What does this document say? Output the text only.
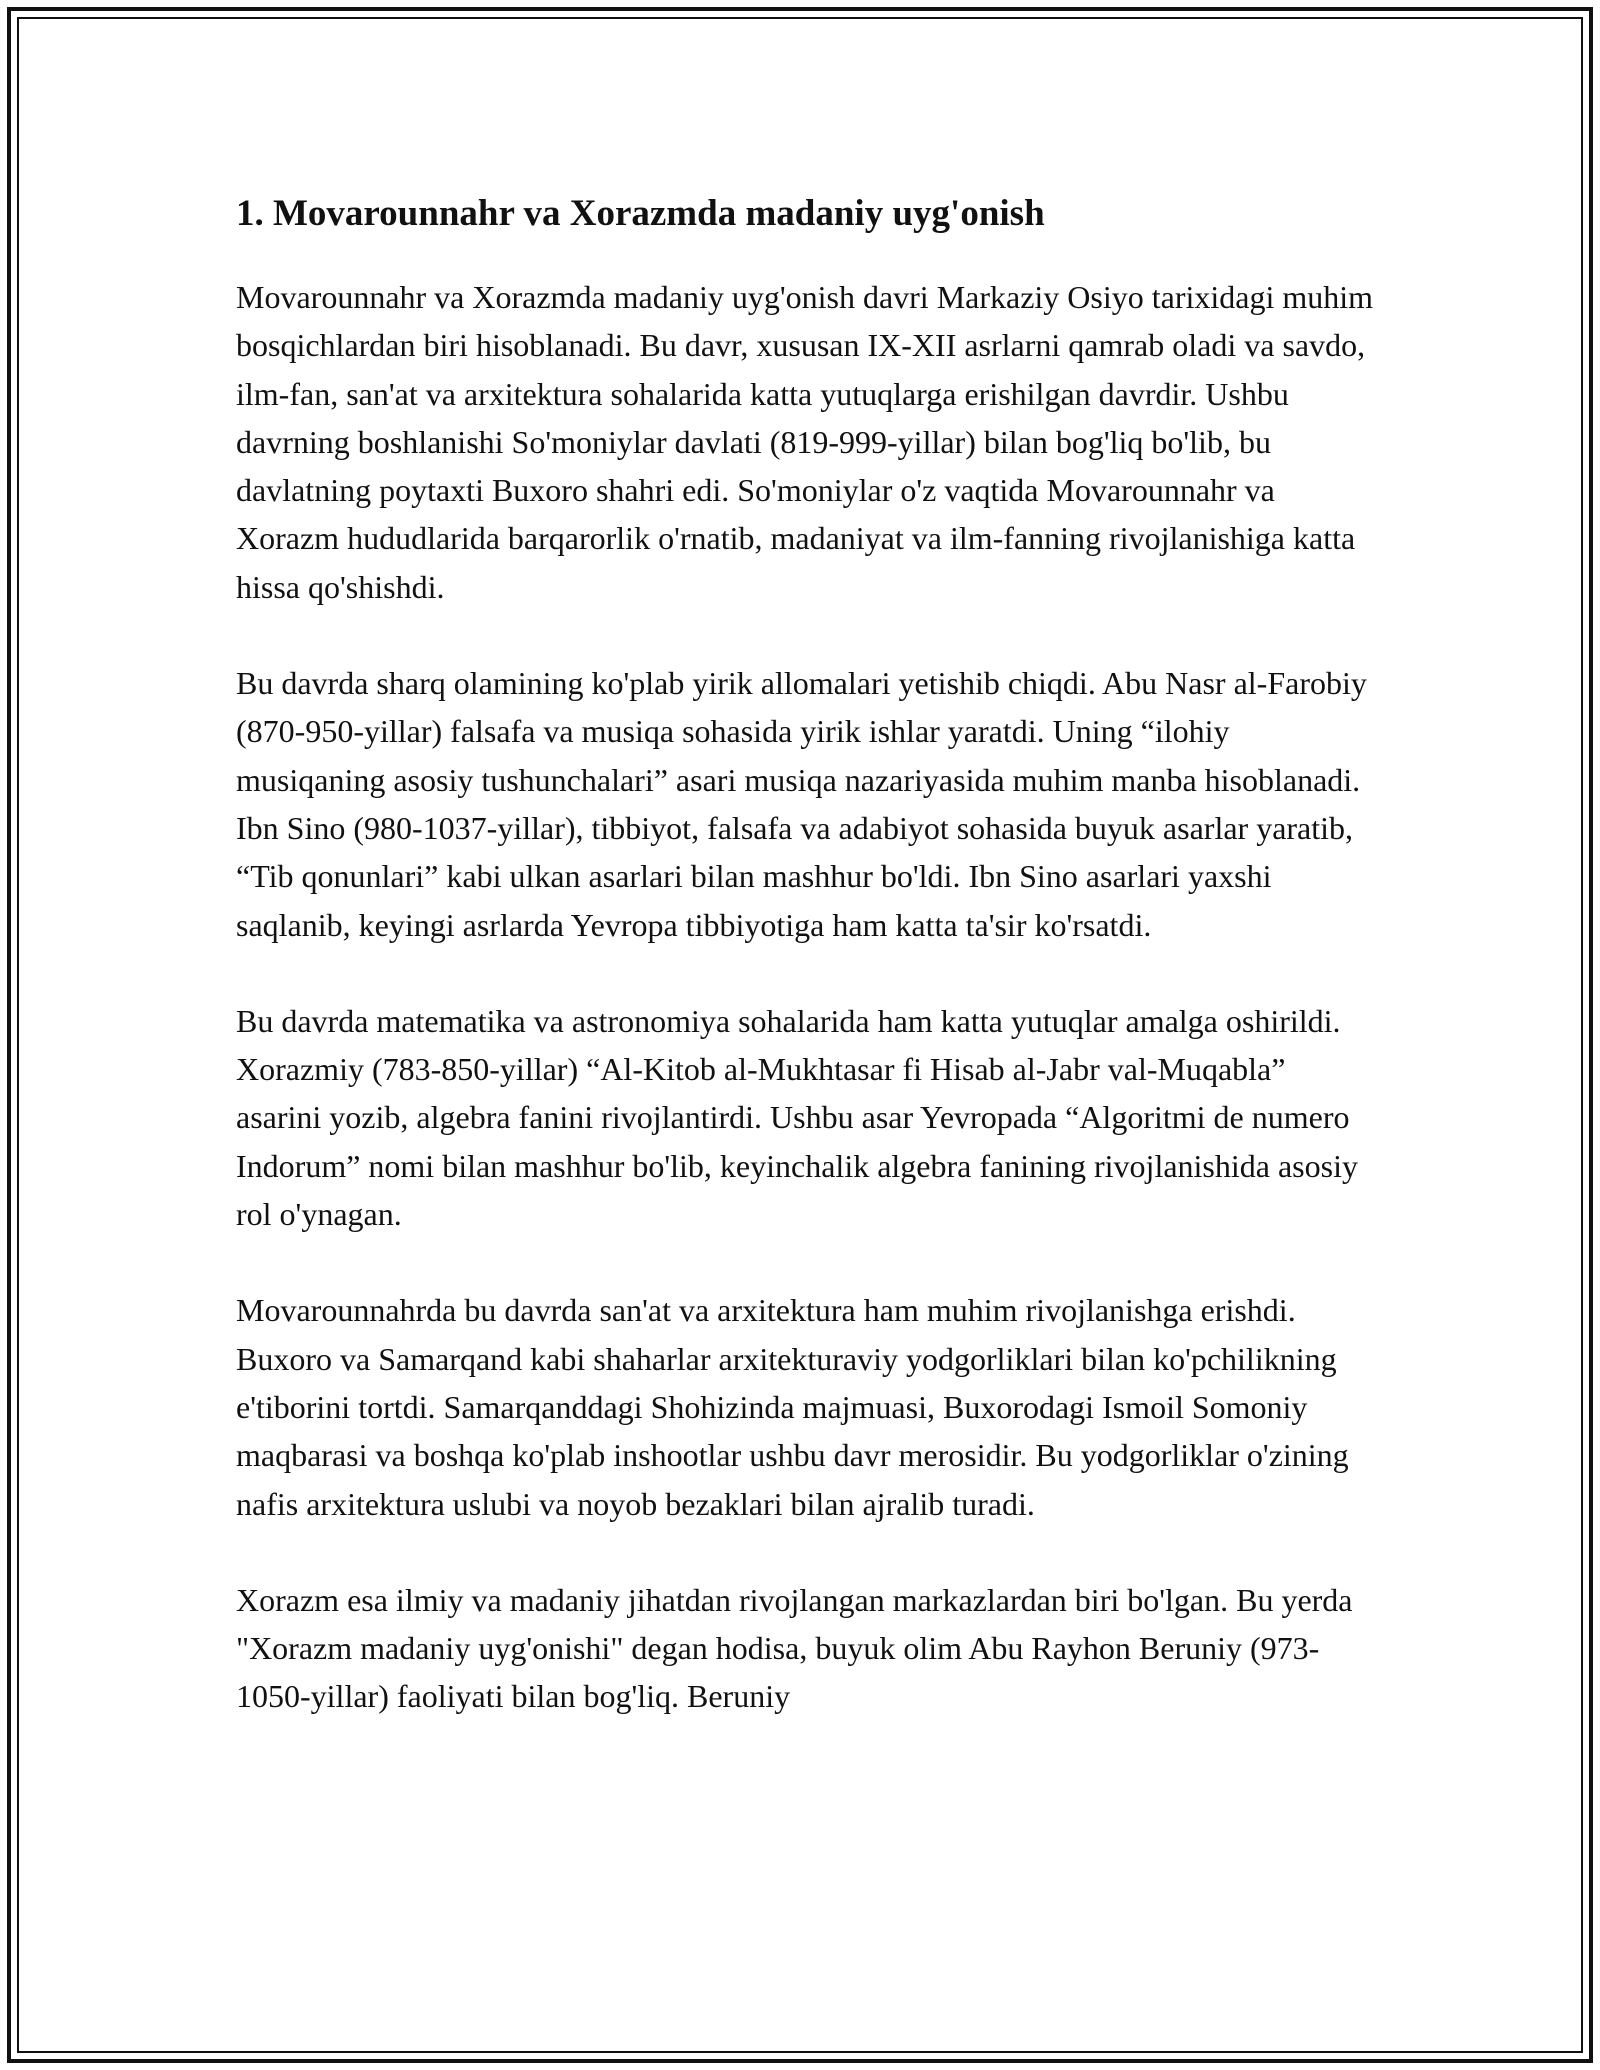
1. Movarounnahr va Xorazmda madaniy uyg'onish

Movarounnahr va Xorazmda madaniy uyg'onish davri Markaziy Osiyo tarixidagi muhim bosqichlardan biri hisoblanadi. Bu davr, xususan IX-XII asrlarni qamrab oladi va savdo, ilm-fan, san'at va arxitektura sohalarida katta yutuqlarga erishilgan davrdir. Ushbu davrning boshlanishi So'moniylar davlati (819-999-yillar) bilan bog'liq bo'lib, bu davlatning poytaxti Buxoro shahri edi. So'moniylar o'z vaqtida Movarounnahr va Xorazm hududlarida barqarorlik o'rnatib, madaniyat va ilm-fanning rivojlanishiga katta hissa qo'shishdi.

Bu davrda sharq olamining ko'plab yirik allomalari yetishib chiqdi. Abu Nasr al-Farobiy (870-950-yillar) falsafa va musiqa sohasida yirik ishlar yaratdi. Uning “ilohiy musiqaning asosiy tushunchalari” asari musiqa nazariyasida muhim manba hisoblanadi. Ibn Sino (980-1037-yillar), tibbiyot, falsafa va adabiyot sohasida buyuk asarlar yaratib, “Tib qonunlari” kabi ulkan asarlari bilan mashhur bo'ldi. Ibn Sino asarlari yaxshi saqlanib, keyingi asrlarda Yevropa tibbiyotiga ham katta ta'sir ko'rsatdi.

Bu davrda matematika va astronomiya sohalarida ham katta yutuqlar amalga oshirildi. Xorazmiy (783-850-yillar) “Al-Kitob al-Mukhtasar fi Hisab al-Jabr val-Muqabla” asarini yozib, algebra fanini rivojlantirdi. Ushbu asar Yevropada “Algoritmi de numero Indorum” nomi bilan mashhur bo'lib, keyinchalik algebra fanining rivojlanishida asosiy rol o'ynagan.

Movarounnahrda bu davrda san'at va arxitektura ham muhim rivojlanishga erishdi. Buxoro va Samarqand kabi shaharlar arxitekturaviy yodgorliklari bilan ko'pchilikning e'tiborini tortdi. Samarqanddagi Shohizinda majmuasi, Buxorodagi Ismoil Somoniy maqbarasi va boshqa ko'plab inshootlar ushbu davr merosidir. Bu yodgorliklar o'zining nafis arxitektura uslubi va noyob bezaklari bilan ajralib turadi.

Xorazm esa ilmiy va madaniy jihatdan rivojlangan markazlardan biri bo'lgan. Bu yerda "Xorazm madaniy uyg'onishi" degan hodisa, buyuk olim Abu Rayhon Beruniy (973-1050-yillar) faoliyati bilan bog'liq. Beruniy
